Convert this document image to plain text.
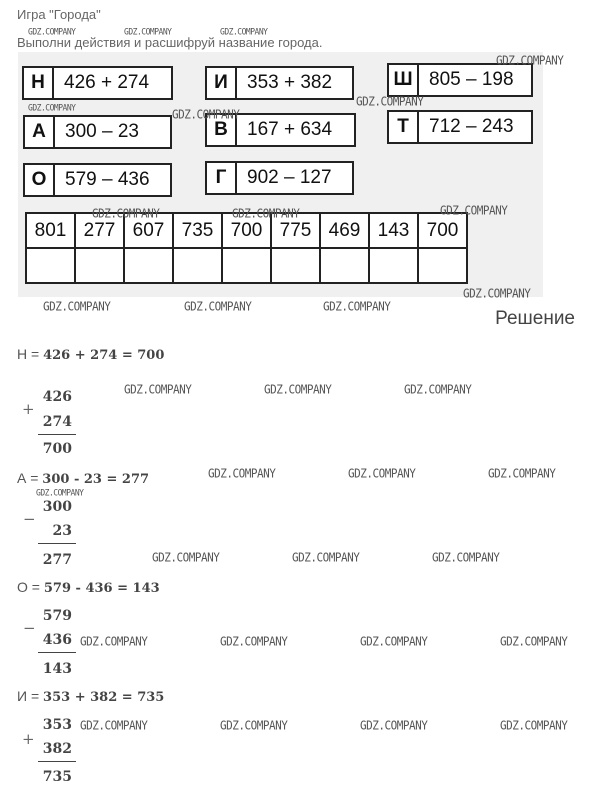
Игра "Города"
Выполни действия и расшифруй название города.
Н	426 + 274	И	353 + 382	Ш 805 – 198
А	300 – 23	В	167 + 634	Т	712 – 243
О 579 – 436	Г	902 – 127
801	277	607	735	700	775	469	143	700

GDZ.COMPANY	GDZ.COMPANY	GDZ.COMPANY
GDZ.COMPANY
GDZ.COMPANY
GDZ.COMPANY	GDZ.COMPANY
GDZ.COMPANY	GDZ.COMPANY	GDZ.COMPANY
GDZ.COMPANY
GDZ.COMPANY	GDZ.COMPANY	GDZ.COMPANY
Решение
Н = 426 + 274 = 700
+
426
274
700
GDZ.COMPANY	GDZ.COMPANY	GDZ.COMPANY
А = 300 - 23 = 277
GDZ.COMPANY
−
300
23
277
GDZ.COMPANY	GDZ.COMPANY	GDZ.COMPANY
GDZ.COMPANY	GDZ.COMPANY	GDZ.COMPANY
О = 579 - 436 = 143
−
579
436
143
GDZ.COMPANY	GDZ.COMPANY	GDZ.COMPANY	GDZ.COMPANY
И = 353 + 382 = 735
+
353
382
735
GDZ.COMPANY	GDZ.COMPANY	GDZ.COMPANY	GDZ.COMPANY
